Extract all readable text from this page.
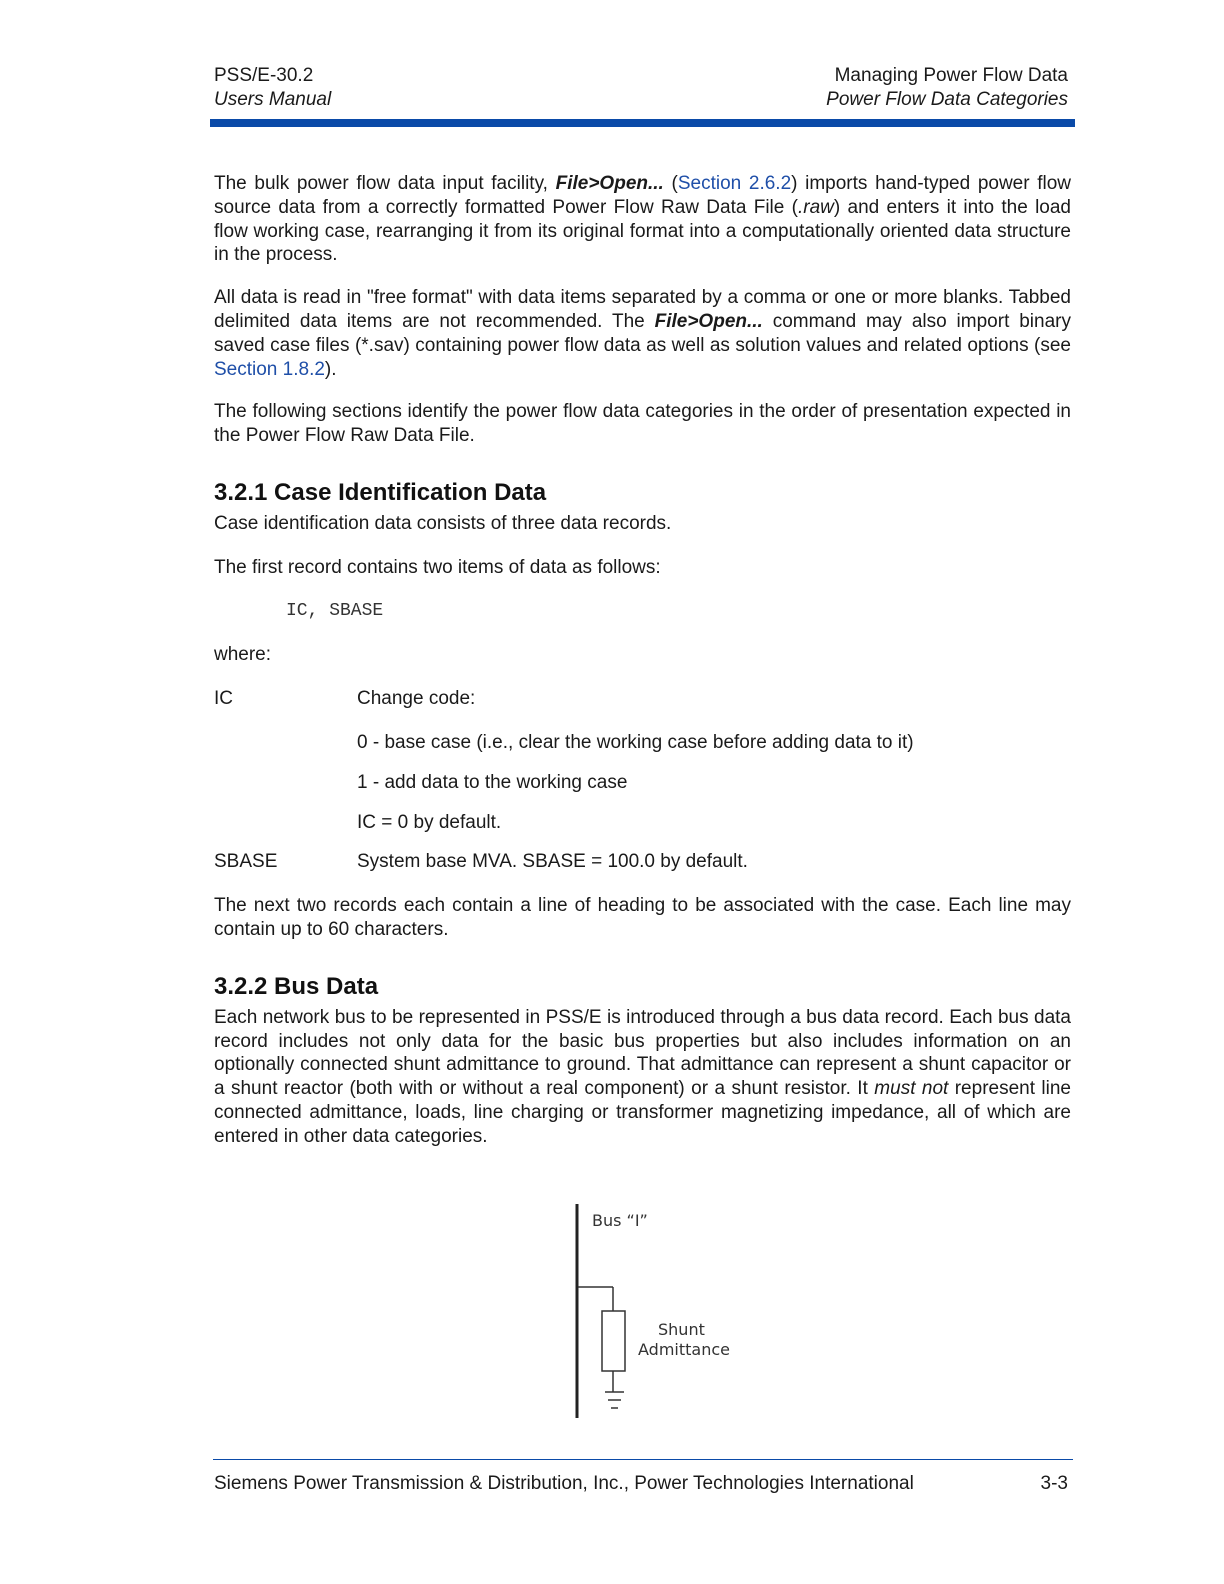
PSS/E-30.2
Users Manual
Managing Power Flow Data
Power Flow Data Categories

The bulk power flow data input facility, File>Open... (Section 2.6.2) imports hand-typed power flow source data from a correctly formatted Power Flow Raw Data File (.raw) and enters it into the load flow working case, rearranging it from its original format into a computationally oriented data structure in the process.

All data is read in "free format" with data items separated by a comma or one or more blanks. Tabbed delimited data items are not recommended. The File>Open... command may also import binary saved case files (*.sav) containing power flow data as well as solution values and related options (see Section 1.8.2).

The following sections identify the power flow data categories in the order of presentation expected in the Power Flow Raw Data File.

3.2.1 Case Identification Data

Case identification data consists of three data records.

The first record contains two items of data as follows:

IC, SBASE

where:

IC	Change code:
0 - base case (i.e., clear the working case before adding data to it)
1 - add data to the working case
IC = 0 by default.
SBASE	System base MVA. SBASE = 100.0 by default.

The next two records each contain a line of heading to be associated with the case. Each line may contain up to 60 characters.

3.2.2 Bus Data

Each network bus to be represented in PSS/E is introduced through a bus data record. Each bus data record includes not only data for the basic bus properties but also includes information on an optionally connected shunt admittance to ground. That admittance can represent a shunt capacitor or a shunt reactor (both with or without a real component) or a shunt resistor. It must not represent line connected admittance, loads, line charging or transformer magnetizing impedance, all of which are entered in other data categories.

Bus “I”
Shunt
Admittance
Siemens Power Transmission & Distribution, Inc., Power Technologies International	3-3
